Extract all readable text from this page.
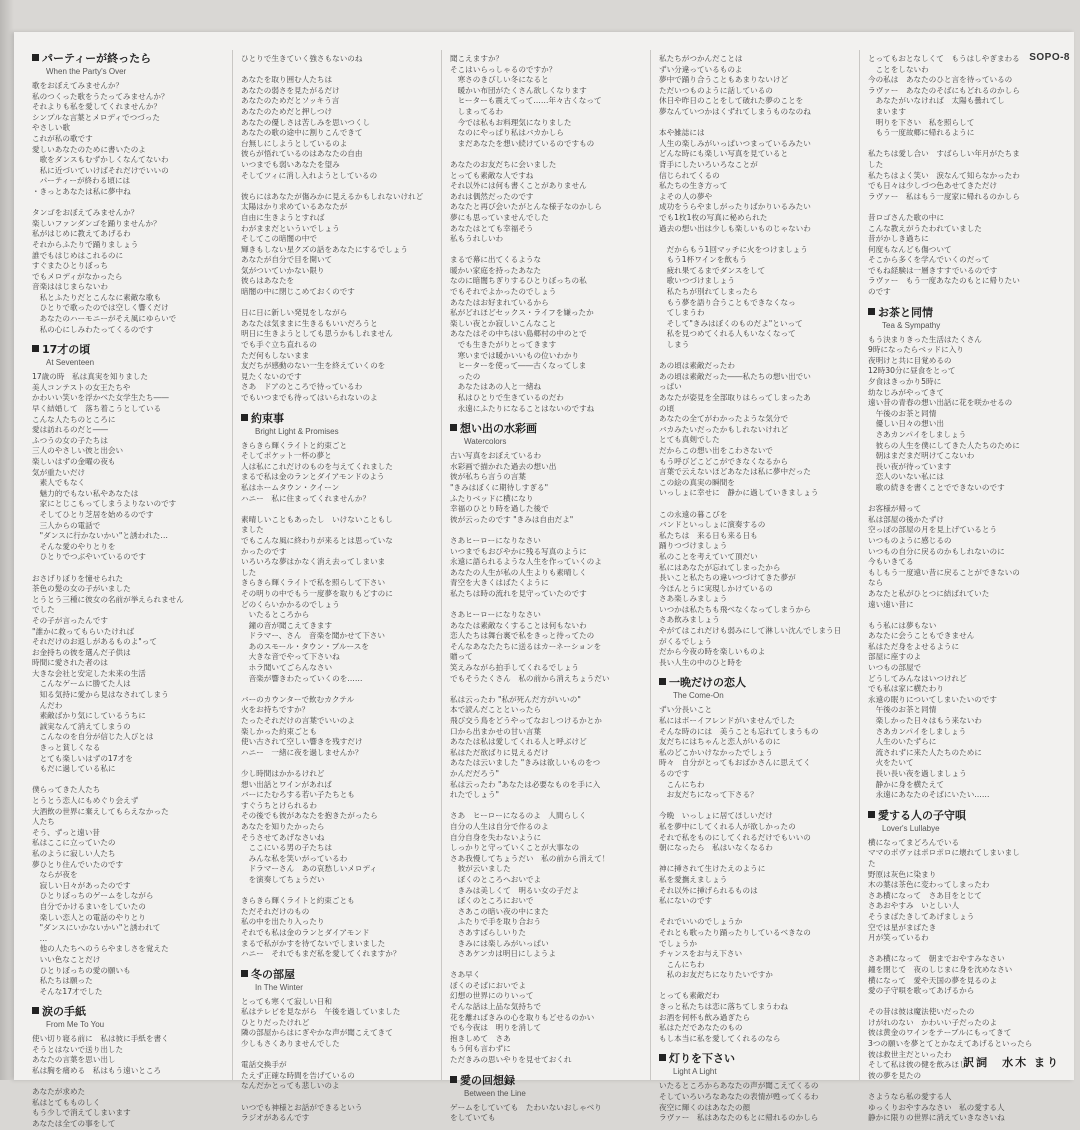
SOPO-8
パーティーが終ったら
When the Party's Over
歌をおぼえてみませんか？
私のつくった歌をうたってみませんか？
それよりも私を愛してくれませんか？
シンプルな言葉とメロディでつづった
やさしい歌
これが私の歌です
愛しいあなたのために書いたのよ
　歌をダンスもむずかしくなんてないわ
　私に近づいていけばそれだけでいいの
　パーティーが終わる頃には
・きっとあなたは私に夢中ね

タンゴをおぼえてみませんか？
楽しいファンダンゴを踊りませんか？
私がはじめに教えてあげるわ
それからふたりで踊りましょう
誰でもはじめはこれるのに
すぐまたひとりぼっち
でもメロディがなかったら
音楽ははじまらないわ
　私とふたりだとこんなに素敵な歌も
　ひとりで歌ったのでは空しく響くだけ
　あなたのハーモニーがそえ風にゆらいで
　私の心にしみわたってくるのです
17才の頃
At Seventeen
17歳の時　私は真実を知りました
美人コンテストの女王たちや
かわいい笑いを浮かべた女学生たち――
早く結婚して　落ち着こうとしている
こんな人たちのところに
愛は訪れるのだと――
ふつうの女の子たちは
三人のやさしい彼と出会い
楽しいはずの金曜の夜も
気が重たいだけ
　素人でもなく
　魅力的でもない私やあなたは
　家にとじこもってしまうよりないのです
　そしてひとり芝居を始めるのです
　三人からの電話で
　"ダンスに行かないかい"と誘われた…
　そんな愛のやりとりを
　ひとりでつぶやいているのです

おさげりぼりを憧せられた
茶色の髪の女の子がいました
とうとう三種に彼女の名前が挙えられません
でした
その子が言ったんです
"誰かに救ってもらいたければ
それだけのお返しがあるものよ"って
お金持ちの彼を選んだ子供は
時間に愛された者のは
大きな会社と安定した未来の生活
　こんなゲームに勝てた人は
　知る気持に愛から見はなされてしまう
　んだわ
　素敵ばかり気にしているうちに
　誠実なんて消えてしまうの
　こんなのを自分が信じた人びとは
　きっと貧しくなる
　とても楽しいはずの17才を
　もだに過している私に

僕らってきた人たち
とうとう恋人にもめぐり会えず
大酒飲の世界に棄えしてもらえなかった
人たち
そう、ずっと遠い昔
私はここに立っていたの
私のように寂しい人たち
夢ひとり住んでいたのです
　ならが夜を
　寂しい日々があったのです
　ひとりぼっちのゲームをしながら
　自分でかけるまいをしていたの
　楽しい恋人との電話のやりとり
　"ダンスにいかないかい"と誘われて
　…
　他の人たちへのうらやましさを覚えた
　いい色なことだけ
　ひとりぼっちの愛の願いも
　私たちは願った
　そんな17才でした
涙の手紙
From Me To You
使い切り寝る前に　私は彼に手紙を書く
そうとはないで送り出した
あなたの言葉を思い出し
私は胸を痛める　私はもう遠いところ

あなたが求めた
私はとてもものしく
もう少しで消えてしまいます
あなたは全ての事をして
ひとりで生きていく強さもないのね

あなたを取り囲む人たちは
あなたの弱さを見たがるだけ
あなたのためだとソッキう言
あなたのためだと押しつけ
あなたの優しさは苦しみを思いつくし
あなたの歌の途中に割りこんできて
台無しにしようとしているのよ
彼らが悟れているのはあなたの自由
いつまでも弱いあなたを望み
そしてツィに消し入れようとしているの

彼らにはあなたが傷みかに見えるかもしれないけれど
太陽はかり求めているあなたが
自由に生きようとすれば
わがままだといういでしょう
そしてこの暗闇の中で
輝きもしない星クズの話をあなたにするでしょう
あなたが自分で目を開いて
気がついていかない限り
彼らはあなたを
暗闇の中に閉じこめておくのです

日に日に新しい発見をしながら
あなたは気ままに生きるもいいだろうと
明日に生きようとしても思うかもしれません
でも手ぐ立ち直れるの
ただ何もしないまま
友だちが感動のない一生を終えていくのを
見たくないのです
さあ　ドアのところで待っているわ
でもいつまでも待ってはいられないのよ
約束事
Bright Light & Promises
きらきら輝くライトと約束ごと
そしてポケット一杯の夢と
人は私にこれだけのものを与えてくれました
まるで私は金のランとダイアモンドのよう
私はホームタウン・クイーン
ハニー　私に住まってくれませんか？

素晴しいこともあったし　いけないこともし
ました
でもこんな風に終わりが来るとは思っていな
かったのです
いろいろな夢はかなく消え去ってしまいま
した
きらきら輝くライトで私を照らして下さい
その明りの中でもう一度夢を取りもどすのに
どのくらいかかるのでしょう
　いたるところから
　鐘の音が聞こえてきます
　ドラマー、さん　音楽を聞かせて下さい
　あのスモール・タウン・ブルースを
　大きな音でやって下さいね
　ホラ聞いてごらんなさい
　音楽が響きわたっていくのを……

バーのカウンターで飲むカクテル
火をお持ちですか？
たったそれだけの言葉でいいのよ
楽しかった約束ごとも
使い古されて空しい響きを残すだけ
ハニー　一緒に夜を過しませんか？

少し時間はかかるけれど
想い出話とワインがあれば
バーにたむろする若い子たちとも
すぐうちとけられるわ
その後でも彼があなたを抱きたがったら
あなたを知りたかったら
そうさせてあげなさいね
　ここにいる男の子たちは
　みんな私を笑いがっているわ
　ドラマーさん　あの哀愁しいメロディ
　を演奏してちょうだい

きらきら輝くライトと約束ごとも
ただそれだけのもの
私の中を出たり入ったり
それでも私は金のランとダイアモンド
まるで私がかすを待てないでしまいました
ハニー　それでもまだ私を愛してくれますか？
冬の部屋
In The Winter
とっても寒くて寂しい日和
私はテレビを見ながら　午後を過していました
ひとりだったけれど
隣の部屋からはにぎやかな声が聞こえてきて
少しもさくありませんでした

電話交換手が
たえず正確な時間を告げているの
なんだかとっても悲しいのよ

いつでも神様とお話ができるという
ラジオがあるんです
聞こえますか？
そこはいらっしゃるのですか？
　寒さのきびしい冬になると
　暖かい布団がたくさん欲しくなります
　ヒーターも震えてって……年々古くなって
　しまってるわ
　今では私もお料理気になりました
　なのにやっぱり私はバカかしら
　まだあなたを想い続けているのですもの

あなたのお友だちに会いました
とっても素敵な人ですね
それ以外には何も書くことがありません
あれは偶然だったのです
あなたと再び会いたがとんな様子なのかしら
夢にも思っていませんでした
あなたはとても幸福そう
私もうれしいわ

まるで幕に出てくるような
暖かい家庭を持ったあなた
なのに暗闇ちぎりするひとりぼっちの私
でもそれでよかったのでしょう
あなたはお好まれているから
私がどれほどセックス・ライフを嫌ったか
楽しい夜とか寂しいこんなこと
あなたはその中ちはい島郷村の中のとで
　でも生きたがりとってきます
　寒いまでは暖かいいもの位いわかり
　ヒーターを使って――古くなってしま
　ったの
　あなたはあの人と一緒ね
　私はひとりで生きているのだわ
　永遠にふたりになることはないのですね
想い出の水彩画
Watercolors
古い写真をおぼえているわ
水彩画で描かれた過去の想い出
彼が私ちら言うの言葉
"きみはぼくに期待しすぎる"
ふたりベッドに横になり
幸福のひとり時を過した後で
彼が云ったのです "きみは自由だよ"

さあヒーローになりなさい
いつまでもおびやかに残る写真のように
永遠に語られるような人生を作っていくのよ
あなたの人生が私の人生よりも素晴しく
青空を大きくはばたくように
私たちは時の流れを見守っていたのです

さあヒーローになりなさい
あなたは素敵なくすることは何もないわ
恋人たちは舞台裏で私をきっと待ってたの
そんなあなたたちに送るはカーネーションを
贈って
笑えみながら拍手してくれるでしょう
でもそうたくさん　私の前から消えちょうだい

私は云ったわ "私が死んだ方がいいの"
本で読んだことといったら
飛び交う鳥をどうやってなおしつけるかとか
口から出まかせの甘い言葉
あなたは私は愛してくれる人と呼ぶけど
私はただ欲ばりに見えるだけ
あなたは云いました "きみは欲しいものをつ
かんだだろう"
私は云ったわ "あなたは必要なものを手に入
れたでしょう"

さあ　ヒーローになるのよ　人間らしく
自分の人生は自分で作るのよ
自分自身を失わないように
しっかりと守っていくことが大事なの
さあ我慢してちょうだい　私の前から消えて！
　彼が云いました
　ぼくのところへおいでよ
　きみは美しくて　明るい女の子だよ
　ぼくのところにおいで
　さあこの暗い夜の中にまた
　ふたりで手を取り合おう
　さあすばらしいりた
　きみには楽しみがいっぱい
　さあケンカは明日にしようよ

さあ早く
ぼくのそばにおいでよ
幻想の世界にのりいって
そんな話は上品な気持ちで
花を離ればきみの心を取りもどせるのかい
でも今夜は　明りを消して
抱きしめて　さあ
もう何も言わずに
ただきみの思いやりを見せておくれ
愛の回想録
Between the Line
ゲームをしていても　たわいないおしゃべり
をしていても
私たちがつかんだことは
ずい分違っているものよ
夢中で踊り合うこともあまりないけど
ただいつものように話しているの
休日や昨日のことをして破れた夢のことを
夢なんていつかはくずれてしまうものなのね

本や雑誌には
人生の楽しみがいっぱいつまっているみたい
どんな時にも楽しい写真を見ていると
背手にしたいろいろなことが
信じられてくるの
私たちの生き方って
よその人の夢や
成功をうらやましがったりばかりいるみたい
でも1枚1枚の写真に秘められた
過去の想い出は少しも楽しいものじゃないわ

　だからもう1回マッチに火をつけましょう
　もう1杯ワインを飲もう
　疲れ果てるまでダンスをして
　歌いつづけましょう
　私たちが別れてしまったら
　もう夢を語り合うこともできなくなっ
　てしまうわ
　そして"きみはぼくのものだよ"といって
　私を見つめてくれる人もいなくなって
　しまう

あの頃は素敵だったわ
あの頃は素敵だった――私たちの想い出でい
っぱい
あなたが姿見を全部取りはらってしまったあ
の頃
あなたの全てがわかったような気分で
バカみたいだったかもしれないけれど
とても真剣でした
だからこの想い出をこわさないで
もう呼びどこどこができなくなるから
言葉で云えないほどあなたは私に夢中だった
この絵の真実の瞬間を
いっしょに幸せに　静かに過していきましょう

この永遠の暮こびを
バンドといっしょに演奏するの
私たちは　来る日も来る日も
踊りつづけましょう
私のことを考えていて頂だい
私にはあなたが忘れてしまったから
長いこと私たちの違いつづけてきた夢が
今ほんとうに実現しかけているの
さあ楽しみましょう
いつかは私たちも飛べなくなってしまうから
さあ飲みましょう
やがてはこれだけも弱みにして淋しい沈んでしまう日
がくるでしょう
だから今夜の時を楽しいものよ
長い人生の中のひと時を
一晩だけの恋人
The Come-On
ずい分長いこと
私にはボーイフレンドがいませんでした
そんな時のには　美うことも忘れてしまうもの
友だちにはちゃんと恋人がいるのに
私のどこかいけなかったでしょう
時々　自分がとってもおばかさんに思えてく
るのです
　こんにちわ
　お友だちになって下さる？

今晩　いっしょに居てほしいだけ
私を夢中にしてくれる人が欲しかったの
それで私をものにしてくれるだけでもいいの
朝になったら　私はいなくなるわ

神に挿されて生けたえのように
私を愛撫えましょう
それ以外に挿げられるものは
私にないのです

それでいいのでしょうか
それとも歌ったり踊ったりしているべきなの
でしょうか
チャンスをお与え下さい
　こんにちわ
　私のお友だちになりたいですか

とっても素敵だわ
きっと私たちは恋に落ちてしまうわね
お酒を何杯も飲み過ぎたら
私はただであなたのもの
もし本当に私を愛してくれるのなら
灯りを下さい
Light A Light
いたるところからあなたの声が聞こえてくるの
そしていろいろなあなたの表情が甦ってくるわ
夜空に輝くのはあなたの顔
ラヴァー　私はあなたのもとに帰れるのかしら
とってもおとなしくて　もうはしやぎまわる
　ことをしないわ
今の私は　あなたのひと言を待っているの
ラヴァー　あなたのそばにもどれるのかしら
　あなたがいなければ　太陽も曇れてし
　まいます
　明りを下さい　私を照らして
　もう一度故郷に帰れるように

私たちは愛し合い　すばらしい年月がたちま
した
私たちはよく笑い　涙なんて知らなかったわ
でも日々は少しづつ色あせてきただけ
ラヴァー　私はもう一度家に帰れるのかしら

昔ロゴさんた歌の中に
こんな教えがうたわれていました
昔がかしき過ちに
何度もなんども傷ついて
そこから多くを学んでいくのだって
でもね経験は一層きすすでいるのです
ラヴァー　もう一度あなたのもとに帰りたい
のです
お茶と同情
Tea & Sympathy
もう決まりきった生活はたくさん
9時になったらベッドに入り
夜明けと共に目覚めるの
12時30分に昼食をとって
夕食はきっかり5時に
幼なじみがやってきて
遠い昔の青春の想い出話に花を咲かせるの
　午後のお茶と同情
　優しい日々の想い出
　さあカンパイをしましょう
　彼らの人生を僕にしてきた人たちのために
　朝はまだまだ明けてこないわ
　長い夜が待っています
　恋人のいない私には
　歌の続きを書くことでできないのです

お客様が帰って
私は部屋の後かたずけ
空っぽの部屋の月を見上げているとう
いつものように感じるの
いつもの自分に戻るのかもしれないのに
今もいきてる
もしもう一度遠い昔に戻ることができないの
なら
あなたと私がひとつに結ばれていた
遠い遠い昔に

もう私には夢もない
あなたに会うこともできません
私はただ身をよせるように
部屋に座すのよ
いつもの部屋で
どうしてみんなはいつけれど
でも私は家に横たわり
永遠の眠りについてしまいたいのです
　午後のお茶と同情
　楽しかった日々はもう来ないわ
　さあカンパイをしましょう
　人生のいたずらに
　流されずに来た人たちのために
　火をたいて
　長い長い夜を過しましょう
　静かに身を横たえて
　永遠にあなたのそばにいたい……
愛する人の子守唄
Lover's Lullabye
横になってまどろんでいる
ママのポヴァはポロポロに壊れてしまいまし
た
野原は灰色に染まり
木の葉は茶色に変わってしまったわ
さあ横になって　さあ目をとじて
さあおやすみ　いとしい人
そうまばたきしてあげましょう
空では星がまばたき
月が笑っているわ

さあ横になって　朝までおやすみなさい
鐘を閉じて　夜のしじまに身を沈めなさい
横になって　愛や天国の夢を見るのよ
愛の子守唄を歌ってあげるから

その昔は彼は魔法使いだったの
けがれのない　かわいい子だったのよ
彼は黄金のワインをテーブルにもってきて
3つの願いを夢とてとかなえてあげるといったら
彼は救世主だといったわ
そして私は彼の健を飲みほし
彼の夢を見たの

さようなら私の愛する人
ゆっくりおやすみなさい　私の愛する人
静かに限りの世界に消えていきなさいね
訳詞　水木 まり
